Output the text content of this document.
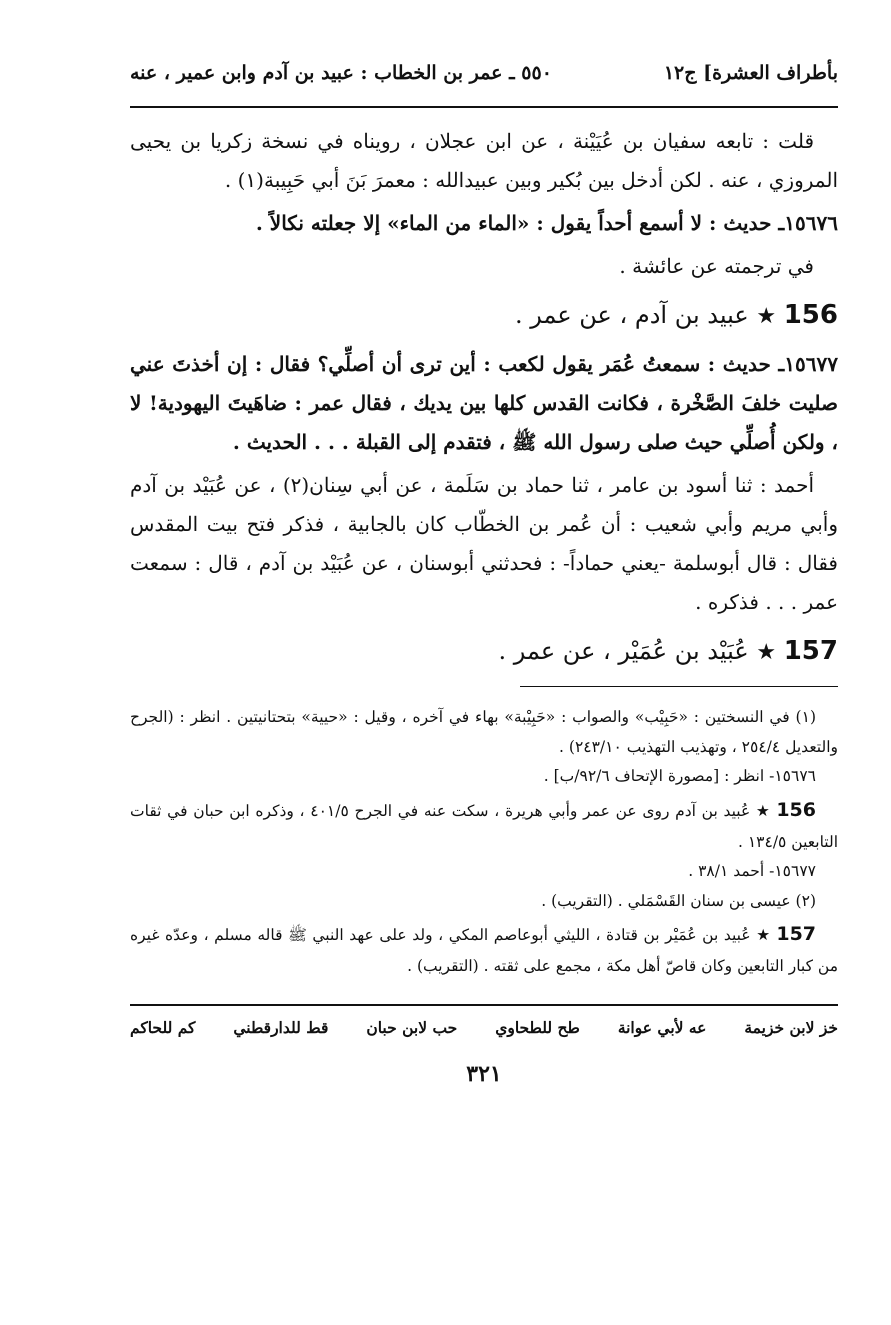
بأطراف العشرة] ج١٢
٥٥٠ ـ عمر بن الخطاب : عبيد بن آدم وابن عمير ، عنه

قلت : تابعه سفيان بن عُيَيْنة ، عن ابن عجلان ، رويناه في نسخة زكريا بن يحيى المروزي ، عنه . لكن أدخل بين بُكير وبين عبيدالله : معمرَ بَنَ أبي حَبِيبة(١) .

١٥٦٧٦ـ حديث : لا أسمع أحداً يقول : «الماء من الماء» إلا جعلته نكالاً .

في ترجمته عن عائشة .

156 ★ عبيد بن آدم ، عن عمر .

١٥٦٧٧ـ حديث : سمعتُ عُمَر يقول لكعب : أين ترى أن أصلِّي؟ فقال : إن أخذتَ عني صليت خلفَ الصَّخْرة ، فكانت القدس كلها بين يديك ، فقال عمر : ضاهَيتَ اليهودية! لا ، ولكن أُصلِّي حيث صلى رسول الله ﷺ ، فتقدم إلى القبلة . . . الحديث .

أحمد : ثنا أسود بن عامر ، ثنا حماد بن سَلَمة ، عن أبي سِنان(٢) ، عن عُبَيْد بن آدم وأبي مريم وأبي شعيب : أن عُمر بن الخطّاب كان بالجابية ، فذكر فتح بيت المقدس فقال : قال أبوسلمة -يعني حماداً- : فحدثني أبوسنان ، عن عُبَيْد بن آدم ، قال : سمعت عمر . . . فذكره .

157 ★ عُبَيْد بن عُمَيْر ، عن عمر .

(١) في النسختين : «حَبِيْب» والصواب : «حَبِيْبة» بهاء في آخره ، وقيل : «حيية» بتحتانيتين . انظر : (الجرح والتعديل ٢٥٤/٤ ، وتهذيب التهذيب ٢٤٣/١٠) .

١٥٦٧٦- انظر : [مصورة الإتحاف ٩٢/٦/ب] .

156 ★ عُبيد بن آدم روى عن عمر وأبي هريرة ، سكت عنه في الجرح ٤٠١/٥ ، وذكره ابن حبان في ثقات التابعين ١٣٤/٥ .

١٥٦٧٧- أحمد ٣٨/١ .

(٢) عيسى بن سنان القَسْمَلي . (التقريب) .

157 ★ عُبيد بن عُمَيْر بن قتادة ، الليثي أبوعاصم المكي ، ولد على عهد النبي ﷺ قاله مسلم ، وعدّه غيره من كبار التابعين وكان قاصّ أهل مكة ، مجمع على ثقته . (التقريب) .

خز لابن خزيمة
عه لأبي عوانة
طح للطحاوي
حب لابن حبان
قط للدارقطني
كم للحاكم
٣٢١
